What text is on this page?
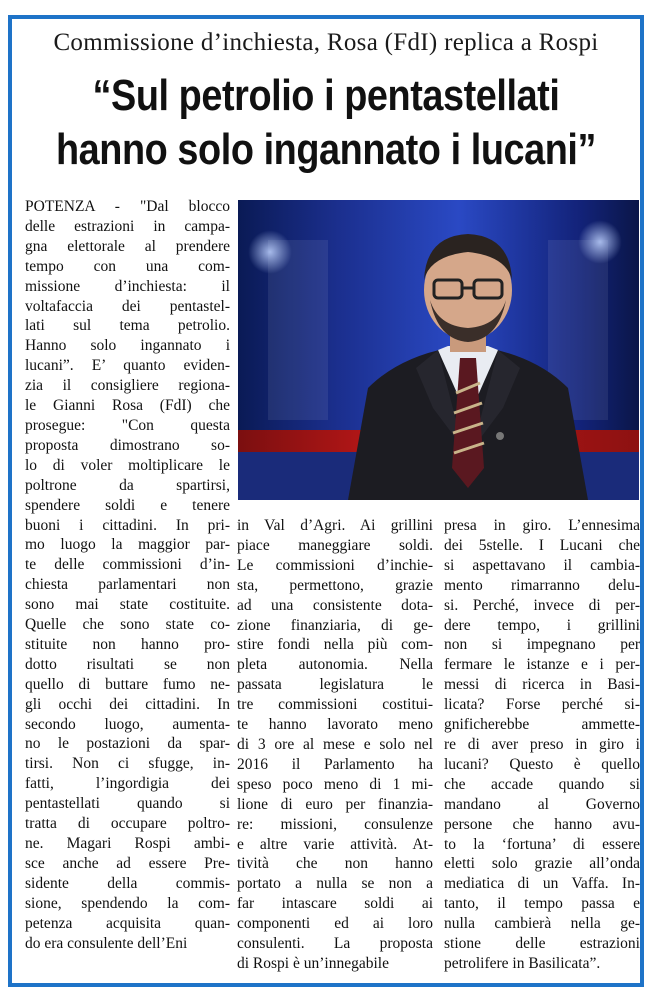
Commissione d’inchiesta, Rosa (FdI) replica a Rospi
“Sul petrolio i pentastellati
hanno solo ingannato i lucani”
POTENZA - "Dal blocco
delle estrazioni in campa-
gna elettorale al prendere
tempo con una com-
missione d’inchiesta: il
voltafaccia dei pentastel-
lati sul tema petrolio.
Hanno solo ingannato i
lucani”. E’ quanto eviden-
zia il consigliere regiona-
le Gianni Rosa (FdI) che
prosegue: "Con questa
proposta dimostrano so-
lo di voler moltiplicare le
poltrone da spartirsi,
spendere soldi e tenere
buoni i cittadini. In pri-
mo luogo la maggior par-
te delle commissioni d’in-
chiesta parlamentari non
sono mai state costituite.
Quelle che sono state co-
stituite non hanno pro-
dotto risultati se non
quello di buttare fumo ne-
gli occhi dei cittadini. In
secondo luogo, aumenta-
no le postazioni da spar-
tirsi. Non ci sfugge, in-
fatti, l’ingordigia dei
pentastellati quando si
tratta di occupare poltro-
ne. Magari Rospi ambi-
sce anche ad essere Pre-
sidente della commis-
sione, spendendo la com-
petenza acquisita quan-
do era consulente dell’Eni
in Val d’Agri. Ai grillini
piace maneggiare soldi.
Le commissioni d’inchie-
sta, permettono, grazie
ad una consistente dota-
zione finanziaria, di ge-
stire fondi nella più com-
pleta autonomia. Nella
passata legislatura le
tre commissioni costitui-
te hanno lavorato meno
di 3 ore al mese e solo nel
2016 il Parlamento ha
speso poco meno di 1 mi-
lione di euro per finanzia-
re: missioni, consulenze
e altre varie attività. At-
tività che non hanno
portato a nulla se non a
far intascare soldi ai
componenti ed ai loro
consulenti. La proposta
di Rospi è un’innegabile
presa in giro. L’ennesima
dei 5stelle. I Lucani che
si aspettavano il cambia-
mento rimarranno delu-
si. Perché, invece di per-
dere tempo, i grillini
non si impegnano per
fermare le istanze e i per-
messi di ricerca in Basi-
licata? Forse perché si-
gnificherebbe ammette-
re di aver preso in giro i
lucani? Questo è quello
che accade quando si
mandano al Governo
persone che hanno avu-
to la ‘fortuna’ di essere
eletti solo grazie all’onda
mediatica di un Vaffa. In-
tanto, il tempo passa e
nulla cambierà nella ge-
stione delle estrazioni
petrolifere in Basilicata”.
